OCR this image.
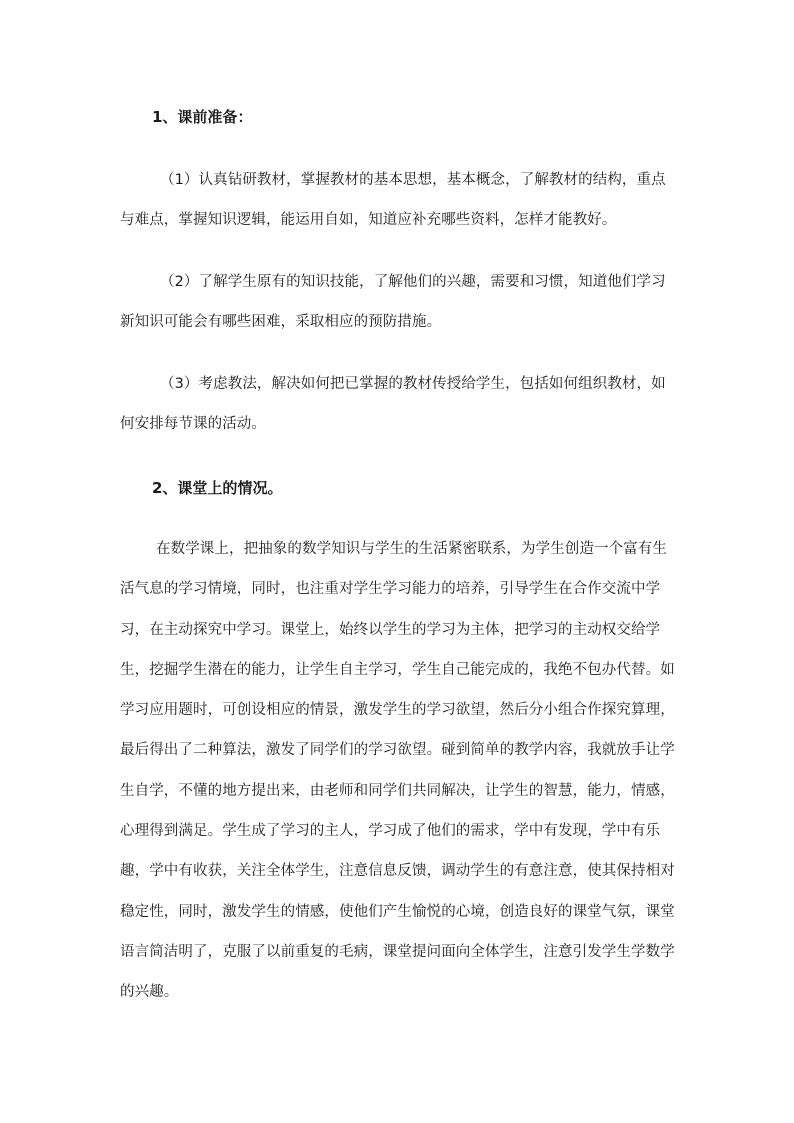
1、课前准备：

（1）认真钻研教材，掌握教材的基本思想，基本概念，了解教材的结构，重点与难点，掌握知识逻辑，能运用自如，知道应补充哪些资料，怎样才能教好。

（2）了解学生原有的知识技能，了解他们的兴趣，需要和习惯，知道他们学习新知识可能会有哪些困难，采取相应的预防措施。

（3）考虑教法，解决如何把已掌握的教材传授给学生，包括如何组织教材，如何安排每节课的活动。

2、课堂上的情况。

在数学课上，把抽象的数学知识与学生的生活紧密联系，为学生创造一个富有生活气息的学习情境，同时，也注重对学生学习能力的培养，引导学生在合作交流中学习，在主动探究中学习。课堂上，始终以学生的学习为主体，把学习的主动权交给学生，挖掘学生潜在的能力，让学生自主学习，学生自己能完成的，我绝不包办代替。如学习应用题时，可创设相应的情景，激发学生的学习欲望，然后分小组合作探究算理，最后得出了二种算法，激发了同学们的学习欲望。碰到简单的教学内容，我就放手让学生自学，不懂的地方提出来，由老师和同学们共同解决，让学生的智慧，能力，情感，心理得到满足。学生成了学习的主人，学习成了他们的需求，学中有发现，学中有乐趣，学中有收获，关注全体学生，注意信息反馈，调动学生的有意注意，使其保持相对稳定性，同时，激发学生的情感，使他们产生愉悦的心境，创造良好的课堂气氛，课堂语言简洁明了，克服了以前重复的毛病，课堂提问面向全体学生，注意引发学生学数学的兴趣。
